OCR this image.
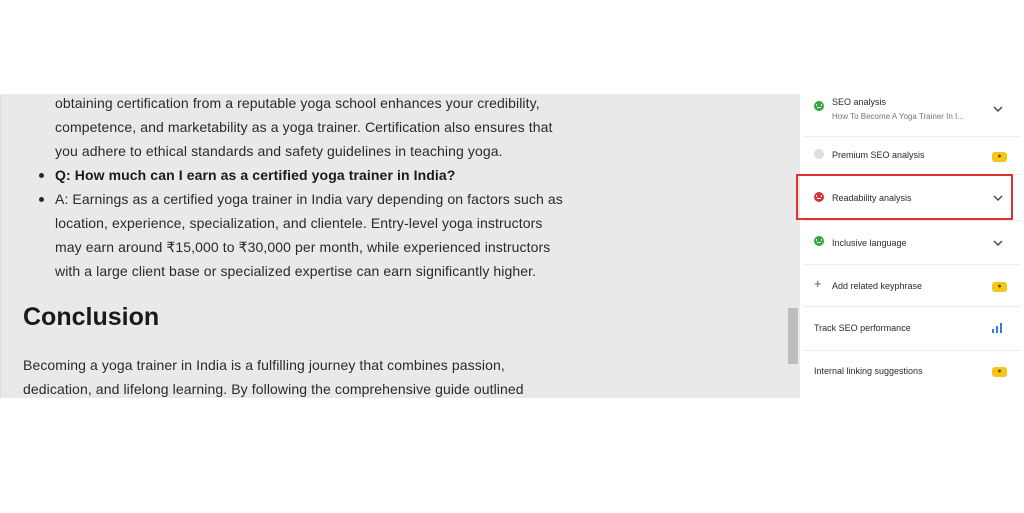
obtaining certification from a reputable yoga school enhances your credibility,
competence, and marketability as a yoga trainer. Certification also ensures that
you adhere to ethical standards and safety guidelines in teaching yoga.
Q: How much can I earn as a certified yoga trainer in India?
A: Earnings as a certified yoga trainer in India vary depending on factors such as
location, experience, specialization, and clientele. Entry-level yoga instructors
may earn around ₹15,000 to ₹30,000 per month, while experienced instructors
with a large client base or specialized expertise can earn significantly higher.
Conclusion
Becoming a yoga trainer in India is a fulfilling journey that combines passion,
dedication, and lifelong learning. By following the comprehensive guide outlined
SEO analysis
How To Become A Yoga Trainer In I...
Premium SEO analysis	●
Readability analysis
Inclusive language
+ Add related keyphrase	●
Track SEO performance
Internal linking suggestions	●
